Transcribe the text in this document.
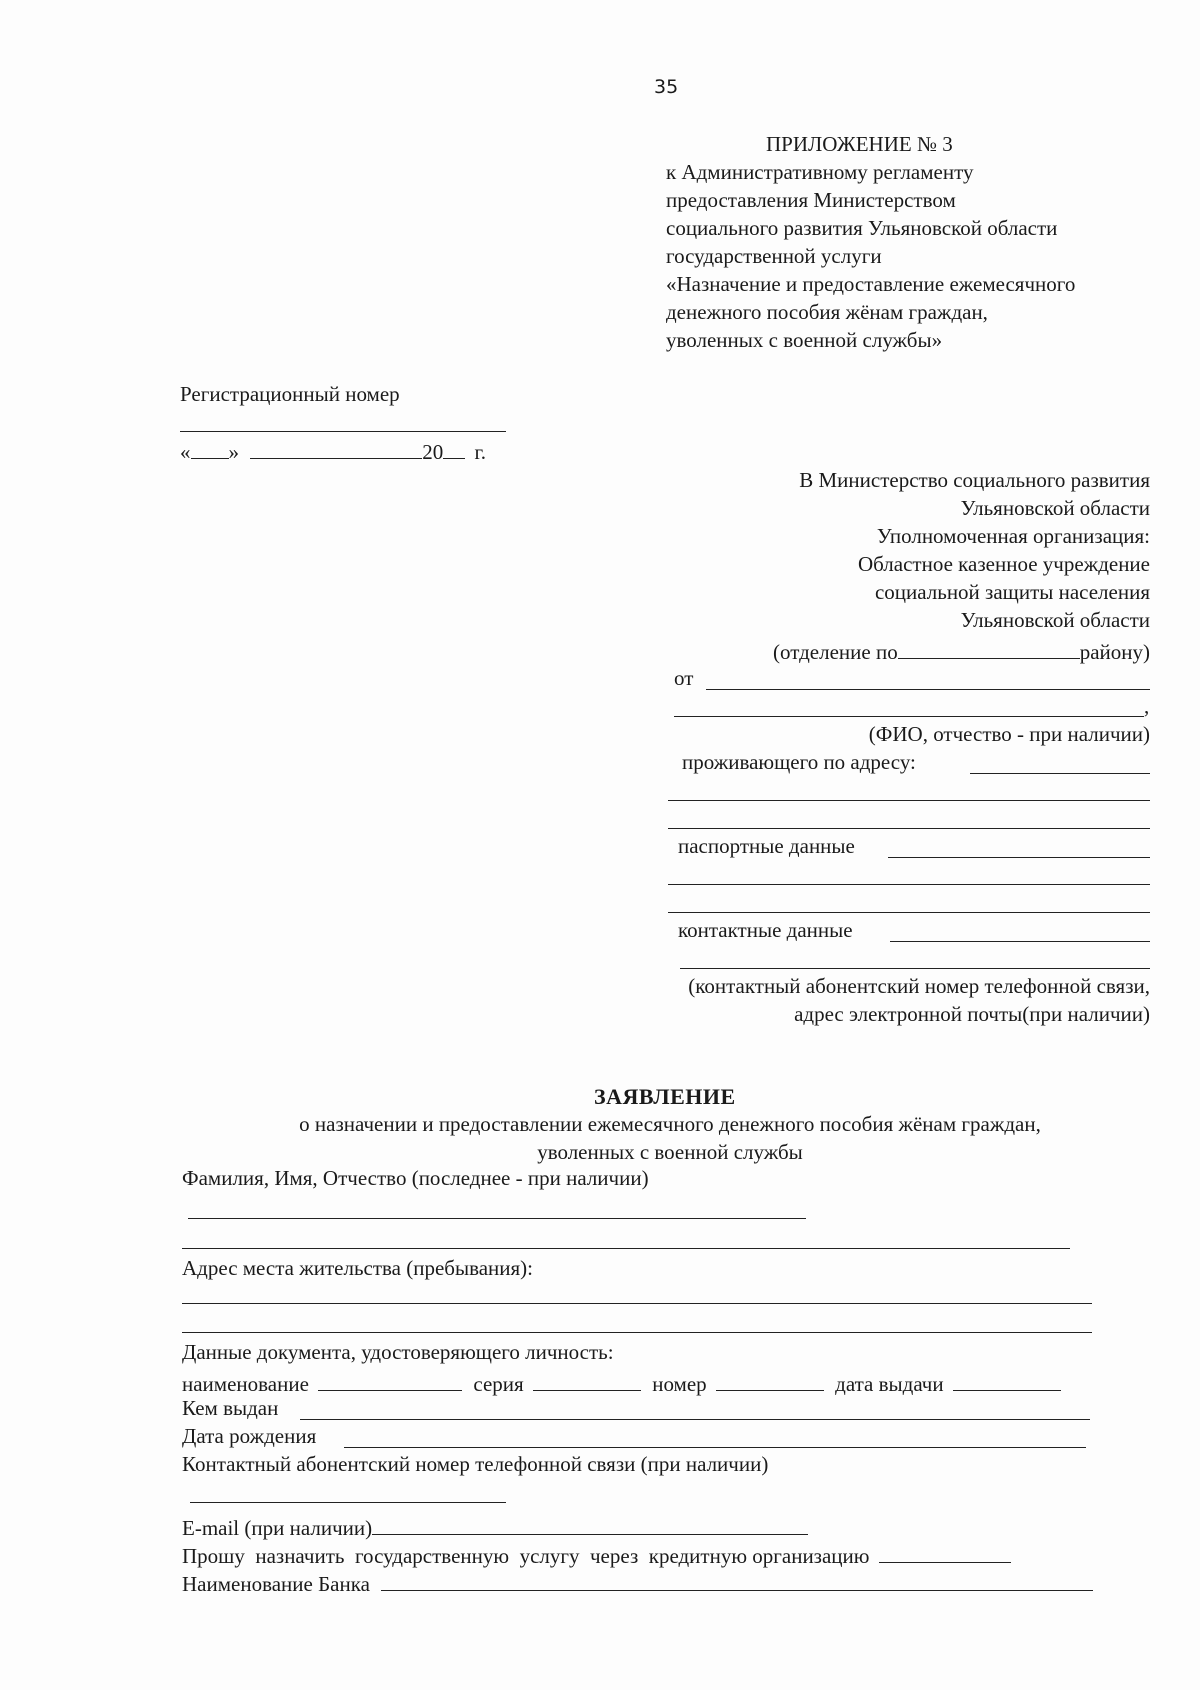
35
ПРИЛОЖЕНИЕ № 3
к Административному регламенту
предоставления Министерством
социального развития Ульяновской области
государственной услуги
«Назначение и предоставление ежемесячного
денежного пособия жёнам граждан,
уволенных с военной службы»
Регистрационный номер
« »	20 г.
В Министерство социального развития
Ульяновской области
Уполномоченная организация:
Областное казенное учреждение
социальной защиты населения
Ульяновской области
(отделение по	району)
от
,
(ФИО, отчество - при наличии)
проживающего по адресу:
паспортные данные
контактные данные
(контактный абонентский номер телефонной связи,
адрес электронной почты(при наличии)
ЗАЯВЛЕНИЕ
о назначении и предоставлении ежемесячного денежного пособия жёнам граждан,
уволенных с военной службы
Фамилия, Имя, Отчество (последнее - при наличии)
Адрес места жительства (пребывания):
Данные документа, удостоверяющего личность:
наименование	серия	номер	дата выдачи
Кем выдан
Дата рождения
Контактный абонентский номер телефонной связи (при наличии)
E-mail (при наличии)
Прошу  назначить  государственную  услугу  через  кредитную организацию
Наименование Банка
